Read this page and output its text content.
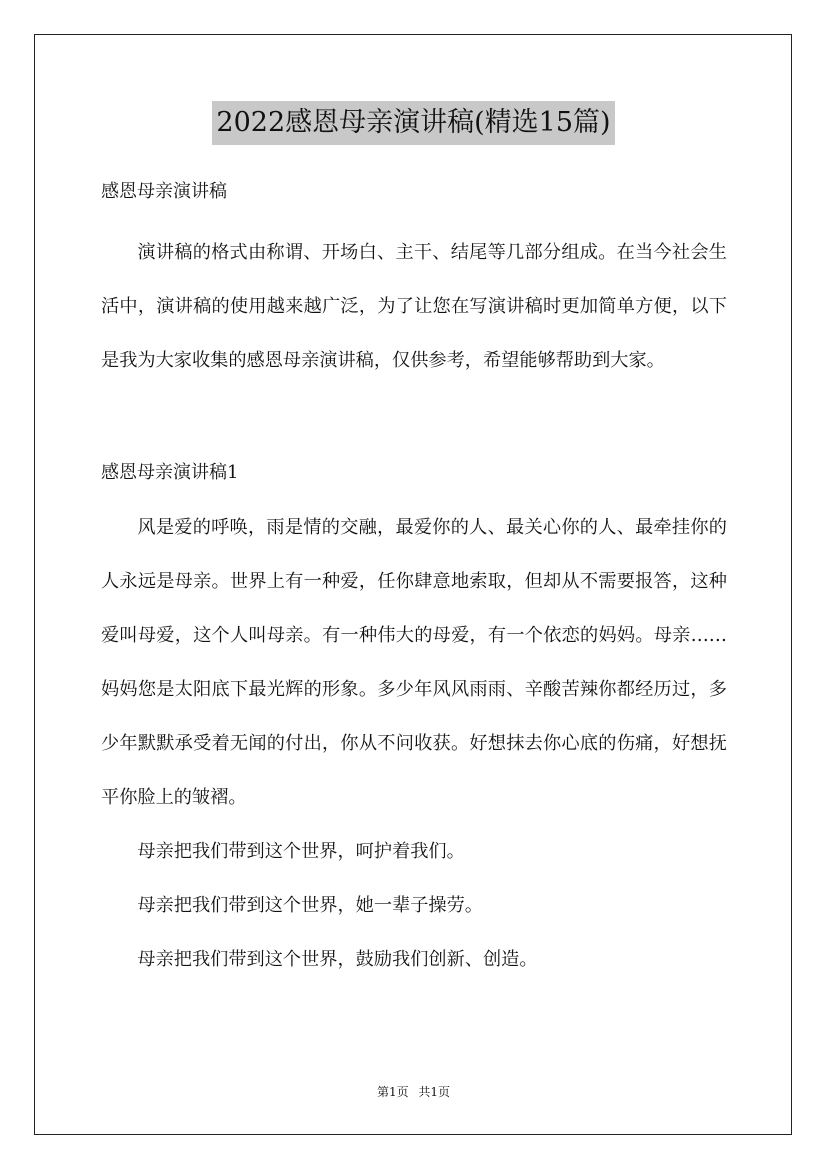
2022感恩母亲演讲稿(精选15篇)

感恩母亲演讲稿

演讲稿的格式由称谓、开场白、主干、结尾等几部分组成。在当今社会生活中，演讲稿的使用越来越广泛，为了让您在写演讲稿时更加简单方便，以下是我为大家收集的感恩母亲演讲稿，仅供参考，希望能够帮助到大家。

感恩母亲演讲稿1

风是爱的呼唤，雨是情的交融，最爱你的人、最关心你的人、最牵挂你的人永远是母亲。世界上有一种爱，任你肆意地索取，但却从不需要报答，这种爱叫母爱，这个人叫母亲。有一种伟大的母爱，有一个依恋的妈妈。母亲……妈妈您是太阳底下最光辉的形象。多少年风风雨雨、辛酸苦辣你都经历过，多少年默默承受着无闻的付出，你从不问收获。好想抹去你心底的伤痛，好想抚平你脸上的皱褶。

母亲把我们带到这个世界，呵护着我们。

母亲把我们带到这个世界，她一辈子操劳。

母亲把我们带到这个世界，鼓励我们创新、创造。

第1页 共1页
